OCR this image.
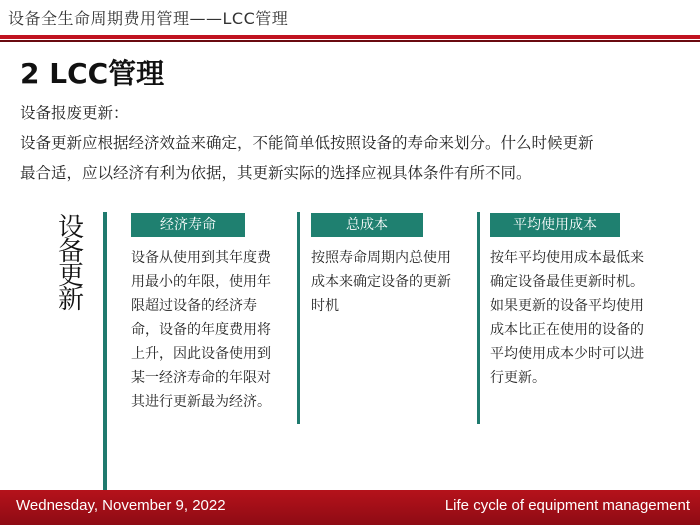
设备全生命周期费用管理——LCC管理
2 LCC管理

设备报废更新：

设备更新应根据经济效益来确定，不能简单低按照设备的寿命来划分。什么时候更新

最合适，应以经济有利为依据，其更新实际的选择应视具体条件有所不同。

设
备
更
新
经济寿命

设备从使用到其年度费用最小的年限，使用年限超过设备的经济寿命，设备的年度费用将上升，因此设备使用到某一经济寿命的年限对其进行更新最为经济。

总成本

按照寿命周期内总使用成本来确定设备的更新时机

平均使用成本

按年平均使用成本最低来确定设备最佳更新时机。

如果更新的设备平均使用成本比正在使用的设备的平均使用成本少时可以进行更新。

Wednesday, November 9, 2022	Life cycle of equipment management
